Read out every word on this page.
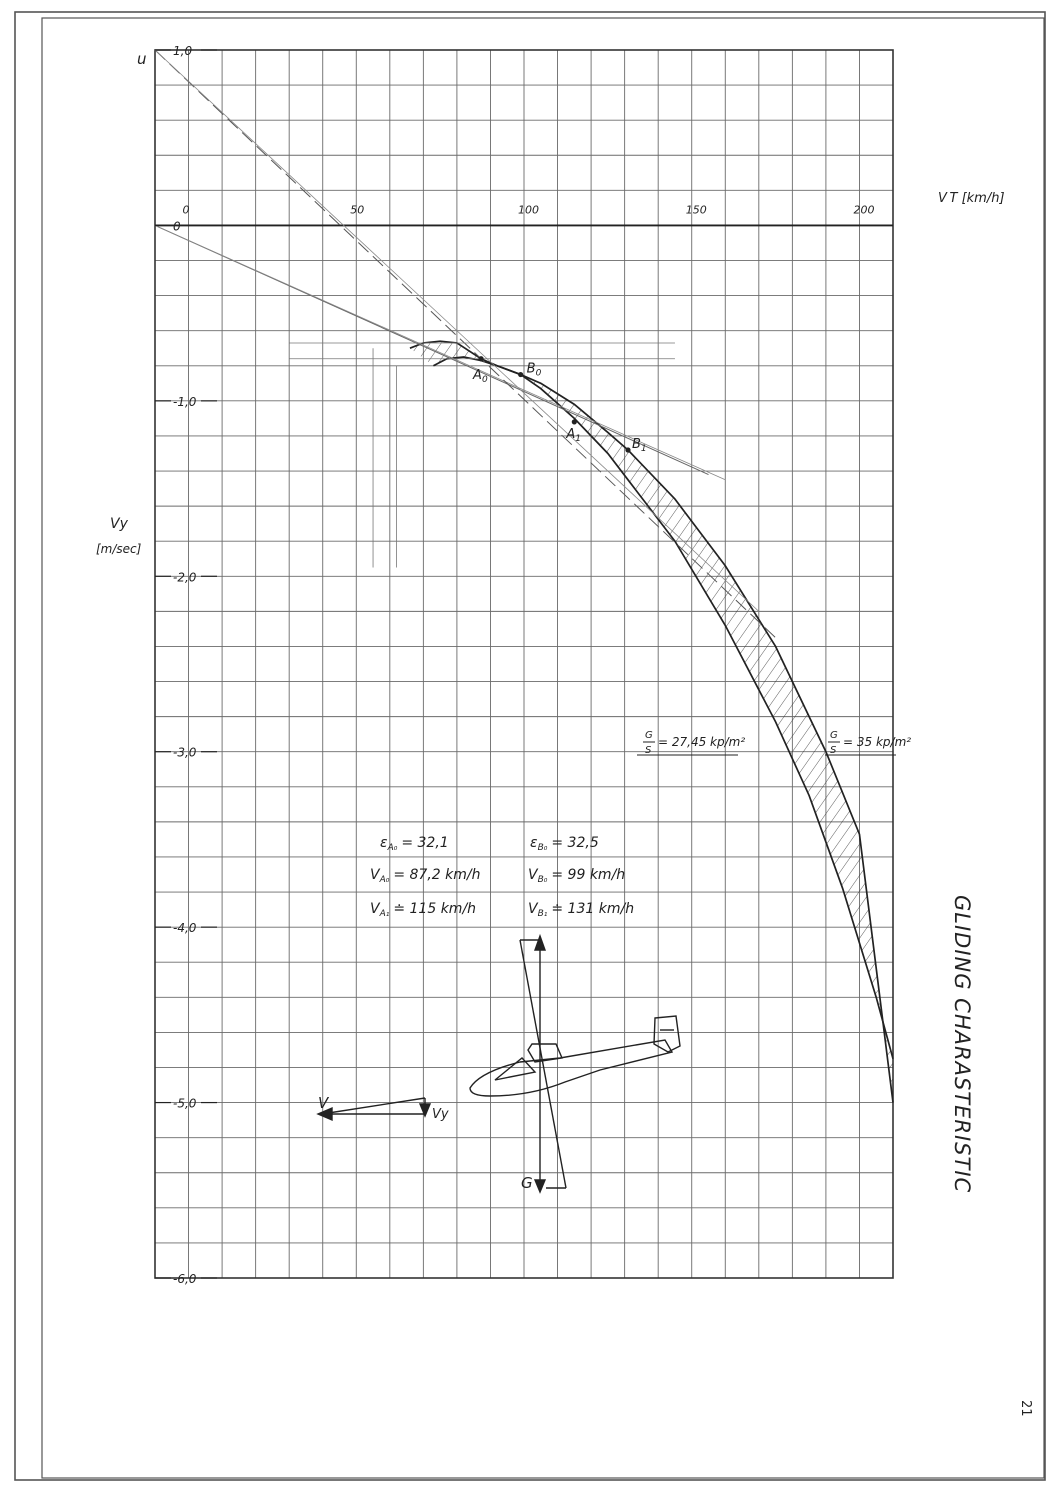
$A_0$
$B_0$
$A_1$	$B_1$
0	50	100	150	200
1,0
0
-1,0
-2,0
-3,0
-4,0
-5,0
-6,0
V T [km/h]
Vy
[m/sec]
u
G
S
= 27,45 kp/m²	G
S
= 35 kp/m²
$\varepsilon_{A_0} = 32,1$	$\varepsilon_{B_0} = 32,5$
$V_{A_0} = 87,2$ km/h	$V_{B_0} = 99$ km/h
$V_{A_1}$ ≐ 115 km/h	$V_{B_1}$ ≐ 131 km/h
V
Vy
G	GLIDING CHARASTERISTIC
21
